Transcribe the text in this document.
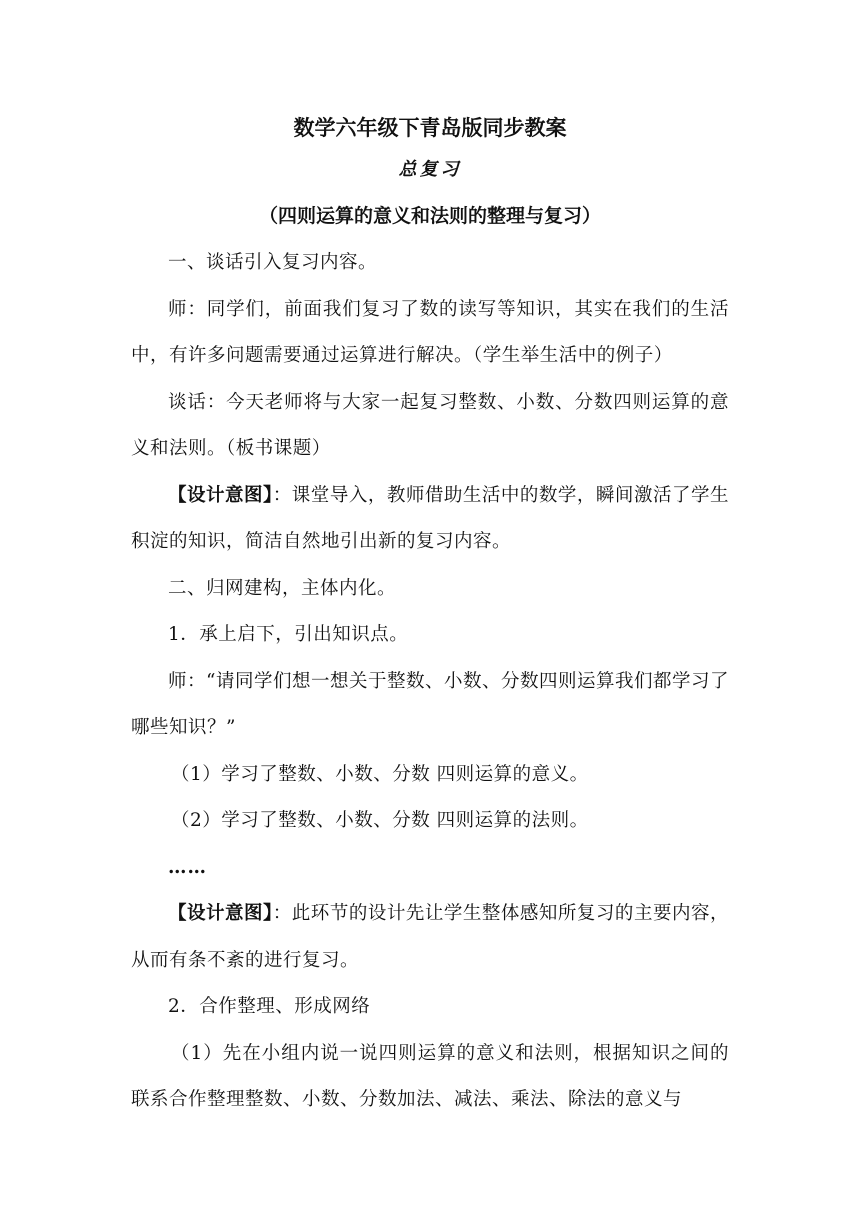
数学六年级下青岛版同步教案

总复习

（四则运算的意义和法则的整理与复习）

一、谈话引入复习内容。

师：同学们，前面我们复习了数的读写等知识，其实在我们的生活中，有许多问题需要通过运算进行解决。（学生举生活中的例子）

谈话：今天老师将与大家一起复习整数、小数、分数四则运算的意义和法则。（板书课题）

【设计意图】：课堂导入，教师借助生活中的数学，瞬间激活了学生积淀的知识，简洁自然地引出新的复习内容。

二、归网建构，主体内化。

1．承上启下，引出知识点。

师：“请同学们想一想关于整数、小数、分数四则运算我们都学习了哪些知识？”

（1）学习了整数、小数、分数 四则运算的意义。

（2）学习了整数、小数、分数 四则运算的法则。

……

【设计意图】：此环节的设计先让学生整体感知所复习的主要内容，从而有条不紊的进行复习。

2．合作整理、形成网络

（1）先在小组内说一说四则运算的意义和法则，根据知识之间的联系合作整理整数、小数、分数加法、减法、乘法、除法的意义与
